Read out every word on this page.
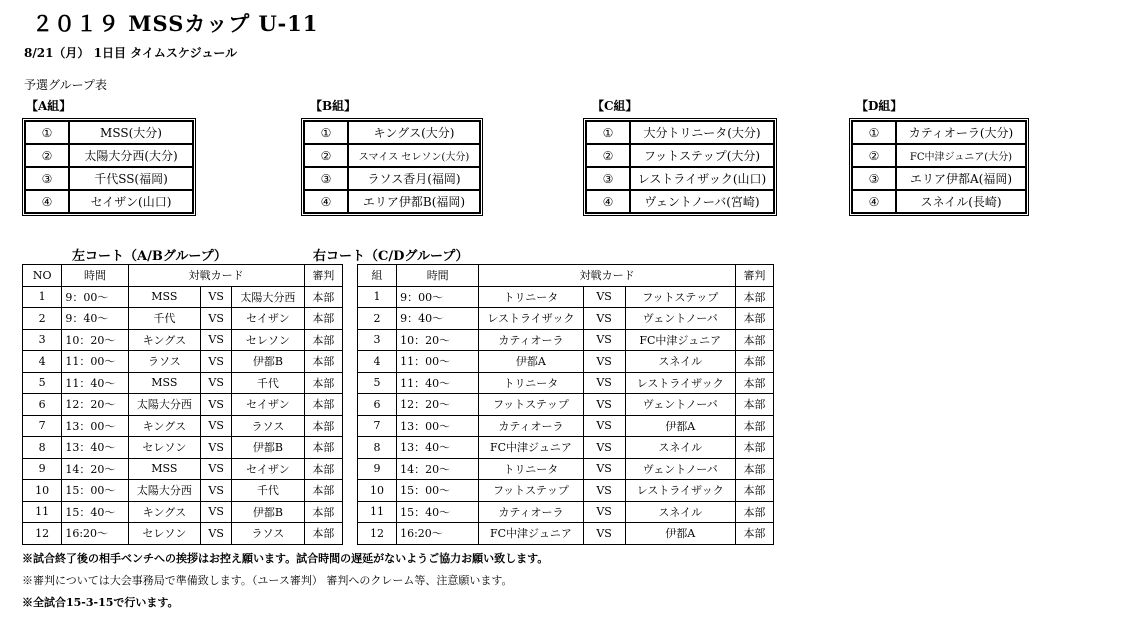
２０１９ MSSカップ U-11
8/21（月） 1日目 タイムスケジュール
予選グループ表
【A組】
①	MSS(大分)
②	太陽大分西(大分)
③	千代SS(福岡)
④	セイザン(山口)
【B組】
①	キングス(大分)
②	スマイス セレソン(大分)
③	ラソス香月(福岡)
④	エリア伊都B(福岡)
【C組】
①	大分トリニータ(大分)
②	フットステップ(大分)
③	レストライザック(山口)
④	ヴェントノーバ(宮崎)
【D組】
①	カティオーラ(大分)
②	FC中津ジュニア(大分)
③	エリア伊都A(福岡)
④	スネイル(長崎)
左コート（A/Bグループ）	右コート（C/Dグループ）
NO	時間	対戦カード			審判
1	9：00〜	MSS	VS	太陽大分西	本部
2	9：40〜	千代	VS	セイザン	本部
3	10：20〜	キングス	VS	セレソン	本部
4	11：00〜	ラソス	VS	伊都B	本部
5	11：40〜	MSS	VS	千代	本部
6	12：20〜	太陽大分西	VS	セイザン	本部
7	13：00〜	キングス	VS	ラソス	本部
8	13：40〜	セレソン	VS	伊都B	本部
9	14：20〜	MSS	VS	セイザン	本部
10	15：00〜	太陽大分西	VS	千代	本部
11	15：40〜	キングス	VS	伊都B	本部
12	16:20〜	セレソン	VS	ラソス	本部
組	時間	対戦カード			審判
1	9：00〜	トリニータ	VS	フットステップ	本部
2	9：40〜	レストライザック	VS	ヴェントノーバ	本部
3	10：20〜	カティオーラ	VS	FC中津ジュニア	本部
4	11：00〜	伊都A	VS	スネイル	本部
5	11：40〜	トリニータ	VS	レストライザック	本部
6	12：20〜	フットステップ	VS	ヴェントノーバ	本部
7	13：00〜	カティオーラ	VS	伊都A	本部
8	13：40〜	FC中津ジュニア	VS	スネイル	本部
9	14：20〜	トリニータ	VS	ヴェントノーバ	本部
10	15：00〜	フットステップ	VS	レストライザック	本部
11	15：40〜	カティオーラ	VS	スネイル	本部
12	16:20〜	FC中津ジュニア	VS	伊都A	本部
※試合終了後の相手ベンチへの挨拶はお控え願います。試合時間の遅延がないようご協力お願い致します。
※審判については大会事務局で準備致します。（ユース審判） 審判へのクレーム等、注意願います。
※全試合15-3-15で行います。
